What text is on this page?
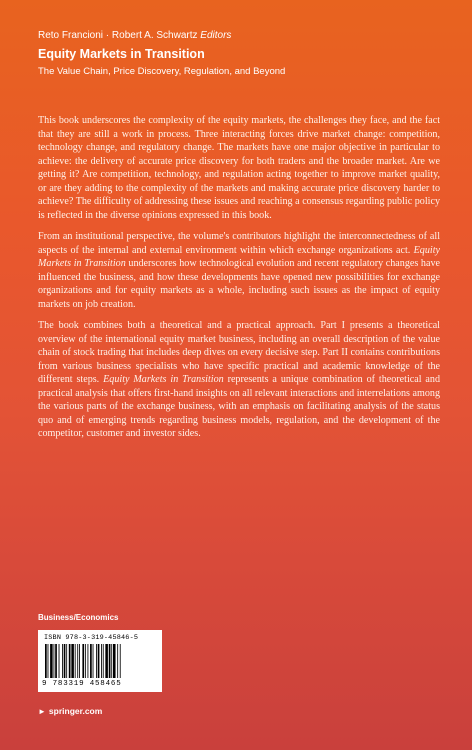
Reto Francioni · Robert A. Schwartz Editors
Equity Markets in Transition
The Value Chain, Price Discovery, Regulation, and Beyond

This book underscores the complexity of the equity markets, the challenges they face, and the fact that they are still a work in process. Three interacting forces drive market change: competition, technology change, and regulatory change. The markets have one major objective in particular to achieve: the delivery of accurate price discovery for both traders and the broader market. Are we getting it? Are competition, technology, and regulation acting together to improve market quality, or are they adding to the complexity of the markets and making accurate price discovery harder to achieve? The difficulty of addressing these issues and reaching a consensus regarding public policy is reflected in the diverse opinions expressed in this book.

From an institutional perspective, the volume's contributors highlight the interconnectedness of all aspects of the internal and external environment within which exchange organizations act. Equity Markets in Transition underscores how technological evolution and recent regulatory changes have influenced the business, and how these developments have opened new possibilities for exchange organizations and for equity markets as a whole, including such issues as the impact of equity markets on job creation.

The book combines both a theoretical and a practical approach. Part I presents a theoretical overview of the international equity market business, including an overall description of the value chain of stock trading that includes deep dives on every decisive step. Part II contains contributions from various business specialists who have specific practical and academic knowledge of the different steps. Equity Markets in Transition represents a unique combination of theoretical and practical analysis that offers first-hand insights on all relevant interactions and interrelations among the various parts of the exchange business, with an emphasis on facilitating analysis of the status quo and of emerging trends regarding business models, regulation, and the development of the competitor, customer and investor sides.

Business/Economics
ISBN 978-3-319-45846-5
9 783319 458465
► springer.com
